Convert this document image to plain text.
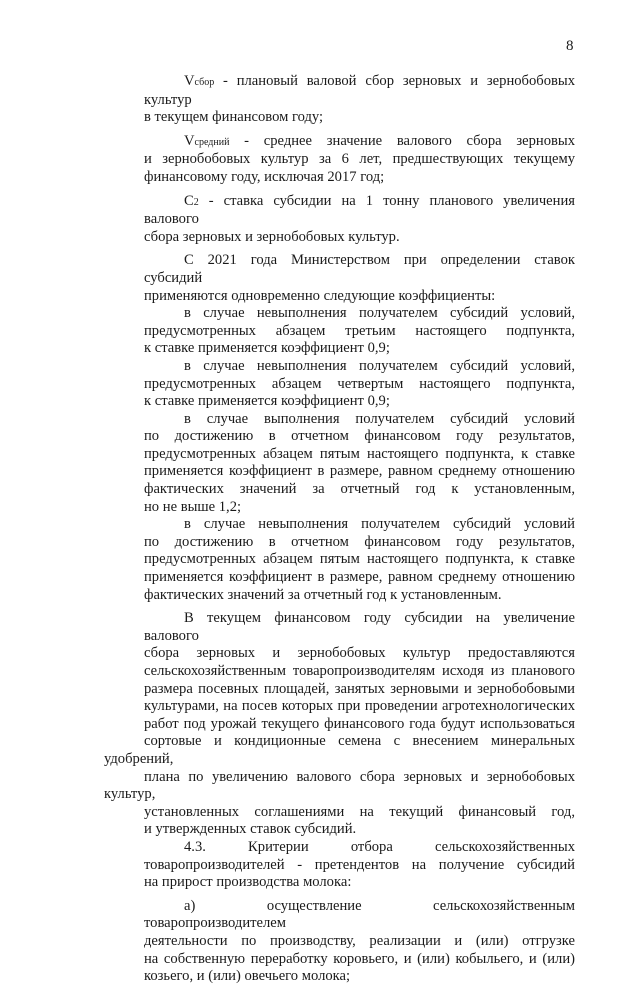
8
Vсбор - плановый валовой сбор зерновых и зернобобовых культур
в текущем финансовом году;
Vсредний - среднее значение валового сбора зерновых
и зернобобовых культур за 6 лет, предшествующих текущему
финансовому году, исключая 2017 год;
C2 - ставка субсидии на 1 тонну планового увеличения валового
сбора зерновых и зернобобовых культур.
С 2021 года Министерством при определении ставок субсидий
применяются одновременно следующие коэффициенты:
в случае невыполнения получателем субсидий условий,
предусмотренных абзацем третьим настоящего подпункта,
к ставке применяется коэффициент 0,9;
в случае невыполнения получателем субсидий условий,
предусмотренных абзацем четвертым настоящего подпункта,
к ставке применяется коэффициент 0,9;
в случае выполнения получателем субсидий условий
по достижению в отчетном финансовом году результатов,
предусмотренных абзацем пятым настоящего подпункта, к ставке
применяется коэффициент в размере, равном среднему отношению
фактических значений за отчетный год к установленным,
но не выше 1,2;
в случае невыполнения получателем субсидий условий
по достижению в отчетном финансовом году результатов,
предусмотренных абзацем пятым настоящего подпункта, к ставке
применяется коэффициент в размере, равном среднему отношению
фактических значений за отчетный год к установленным.
В текущем финансовом году субсидии на увеличение валового
сбора зерновых и зернобобовых культур предоставляются
сельскохозяйственным товаропроизводителям исходя из планового
размера посевных площадей, занятых зерновыми и зернобобовыми
культурами, на посев которых при проведении агротехнологических
работ под урожай текущего финансового года будут использоваться
сортовые и кондиционные семена с внесением минеральных удобрений,
плана по увеличению валового сбора зерновых и зернобобовых культур,
установленных соглашениями на текущий финансовый год,
и утвержденных ставок субсидий.
4.3. Критерии отбора сельскохозяйственных
товаропроизводителей - претендентов на получение субсидий
на прирост производства молока:
а) осуществление сельскохозяйственным товаропроизводителем
деятельности по производству, реализации и (или) отгрузке
на собственную переработку коровьего, и (или) кобыльего, и (или)
козьего, и (или) овечьего молока;
